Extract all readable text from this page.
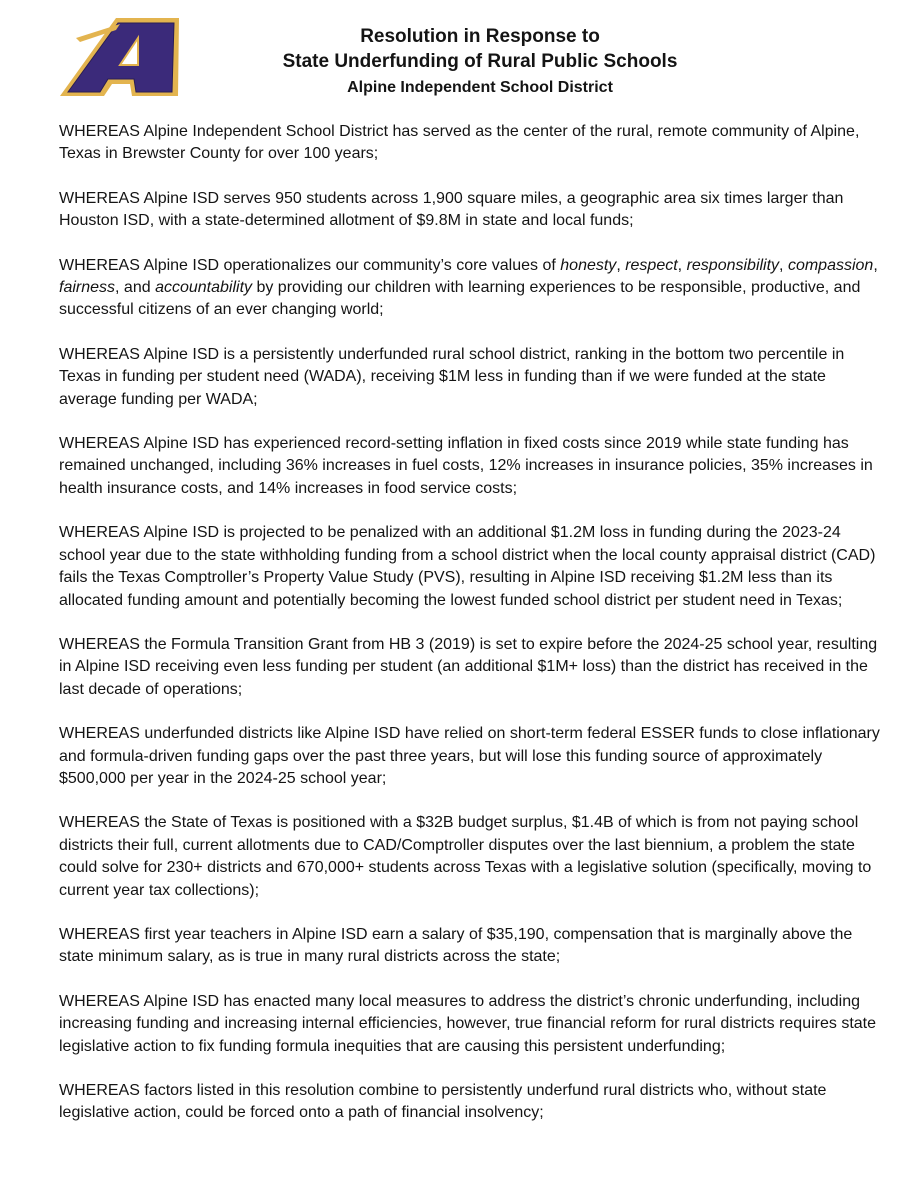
Resolution in Response to
State Underfunding of Rural Public Schools
Alpine Independent School District

WHEREAS Alpine Independent School District has served as the center of the rural, remote community of Alpine, Texas in Brewster County for over 100 years;

WHEREAS Alpine ISD serves 950 students across 1,900 square miles, a geographic area six times larger than Houston ISD, with a state-determined allotment of $9.8M in state and local funds;

WHEREAS Alpine ISD operationalizes our community’s core values of honesty, respect, responsibility, compassion, fairness, and accountability by providing our children with learning experiences to be responsible, productive, and successful citizens of an ever changing world;

WHEREAS Alpine ISD is a persistently underfunded rural school district, ranking in the bottom two percentile in Texas in funding per student need (WADA), receiving $1M less in funding than if we were funded at the state average funding per WADA;

WHEREAS Alpine ISD has experienced record-setting inflation in fixed costs since 2019 while state funding has remained unchanged, including 36% increases in fuel costs, 12% increases in insurance policies, 35% increases in health insurance costs, and 14% increases in food service costs;

WHEREAS Alpine ISD is projected to be penalized with an additional $1.2M loss in funding during the 2023-24 school year due to the state withholding funding from a school district when the local county appraisal district (CAD) fails the Texas Comptroller’s Property Value Study (PVS), resulting in Alpine ISD receiving $1.2M less than its allocated funding amount and potentially becoming the lowest funded school district per student need in Texas;

WHEREAS the Formula Transition Grant from HB 3 (2019) is set to expire before the 2024-25 school year, resulting in Alpine ISD receiving even less funding per student (an additional $1M+ loss) than the district has received in the last decade of operations;

WHEREAS underfunded districts like Alpine ISD have relied on short-term federal ESSER funds to close inflationary and formula-driven funding gaps over the past three years, but will lose this funding source of approximately $500,000 per year in the 2024-25 school year;

WHEREAS the State of Texas is positioned with a $32B budget surplus, $1.4B of which is from not paying school districts their full, current allotments due to CAD/Comptroller disputes over the last biennium, a problem the state could solve for 230+ districts and 670,000+ students across Texas with a legislative solution (specifically, moving to current year tax collections);

WHEREAS first year teachers in Alpine ISD earn a salary of $35,190, compensation that is marginally above the state minimum salary, as is true in many rural districts across the state;

WHEREAS Alpine ISD has enacted many local measures to address the district’s chronic underfunding, including increasing funding and increasing internal efficiencies, however, true financial reform for rural districts requires state legislative action to fix funding formula inequities that are causing this persistent underfunding;

WHEREAS factors listed in this resolution combine to persistently underfund rural districts who, without state legislative action, could be forced onto a path of financial insolvency;
